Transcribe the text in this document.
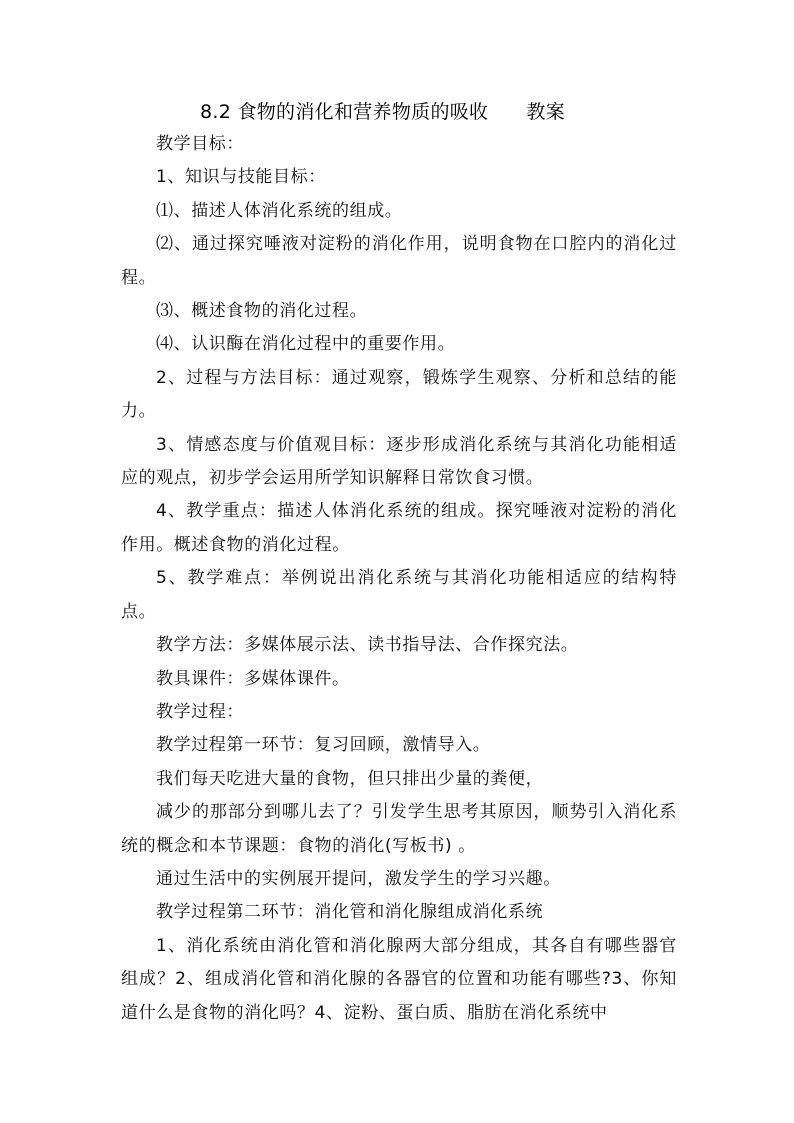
8.2 食物的消化和营养物质的吸收      教案

教学目标：

1、知识与技能目标：

⑴、描述人体消化系统的组成。

⑵、通过探究唾液对淀粉的消化作用，说明食物在口腔内的消化过程。

⑶、概述食物的消化过程。

⑷、认识酶在消化过程中的重要作用。

2、过程与方法目标：通过观察，锻炼学生观察、分析和总结的能力。

3、情感态度与价值观目标：逐步形成消化系统与其消化功能相适应的观点，初步学会运用所学知识解释日常饮食习惯。

4、教学重点：描述人体消化系统的组成。探究唾液对淀粉的消化作用。概述食物的消化过程。

5、教学难点：举例说出消化系统与其消化功能相适应的结构特点。

教学方法：多媒体展示法、读书指导法、合作探究法。

教具课件：多媒体课件。

教学过程：

教学过程第一环节：复习回顾，激情导入。

我们每天吃进大量的食物，但只排出少量的粪便，

减少的那部分到哪儿去了？引发学生思考其原因，顺势引入消化系统的概念和本节课题：食物的消化(写板书) 。

通过生活中的实例展开提问，激发学生的学习兴趣。

教学过程第二环节：消化管和消化腺组成消化系统

1、消化系统由消化管和消化腺两大部分组成，其各自有哪些器官组成？2、组成消化管和消化腺的各器官的位置和功能有哪些?3、你知道什么是食物的消化吗？4、淀粉、蛋白质、脂肪在消化系统中
